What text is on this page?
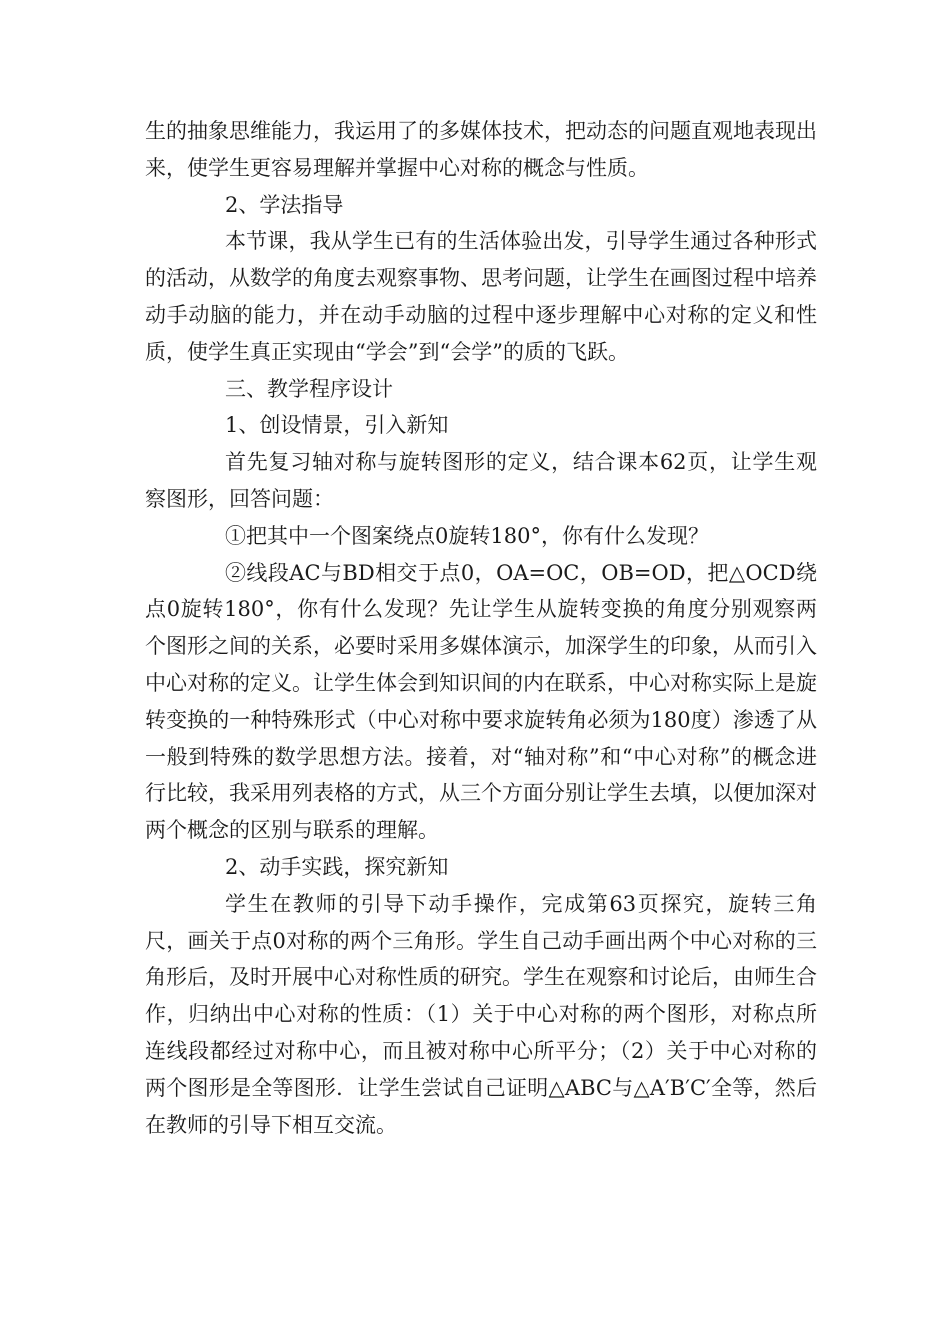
生的抽象思维能力，我运用了的多媒体技术，把动态的问题直观地表现出来，使学生更容易理解并掌握中心对称的概念与性质。

2、学法指导

本节课，我从学生已有的生活体验出发，引导学生通过各种形式的活动，从数学的角度去观察事物、思考问题，让学生在画图过程中培养动手动脑的能力，并在动手动脑的过程中逐步理解中心对称的定义和性质，使学生真正实现由“学会”到“会学”的质的飞跃。

三、教学程序设计

1、创设情景，引入新知

首先复习轴对称与旋转图形的定义，结合课本62页，让学生观察图形，回答问题：

①把其中一个图案绕点0旋转180°，你有什么发现？

②线段AC与BD相交于点0，OA=OC，OB=OD，把△OCD绕点0旋转180°，你有什么发现？先让学生从旋转变换的角度分别观察两个图形之间的关系，必要时采用多媒体演示，加深学生的印象，从而引入中心对称的定义。让学生体会到知识间的内在联系，中心对称实际上是旋转变换的一种特殊形式（中心对称中要求旋转角必须为180度）渗透了从一般到特殊的数学思想方法。接着，对“轴对称”和“中心对称”的概念进行比较，我采用列表格的方式，从三个方面分别让学生去填，以便加深对两个概念的区别与联系的理解。

2、动手实践，探究新知

学生在教师的引导下动手操作，完成第63页探究，旋转三角尺，画关于点0对称的两个三角形。学生自己动手画出两个中心对称的三角形后，及时开展中心对称性质的研究。学生在观察和讨论后，由师生合作，归纳出中心对称的性质：（1）关于中心对称的两个图形，对称点所连线段都经过对称中心，而且被对称中心所平分；（2）关于中心对称的两个图形是全等图形．让学生尝试自己证明△ABC与△A′B′C′全等，然后在教师的引导下相互交流。
